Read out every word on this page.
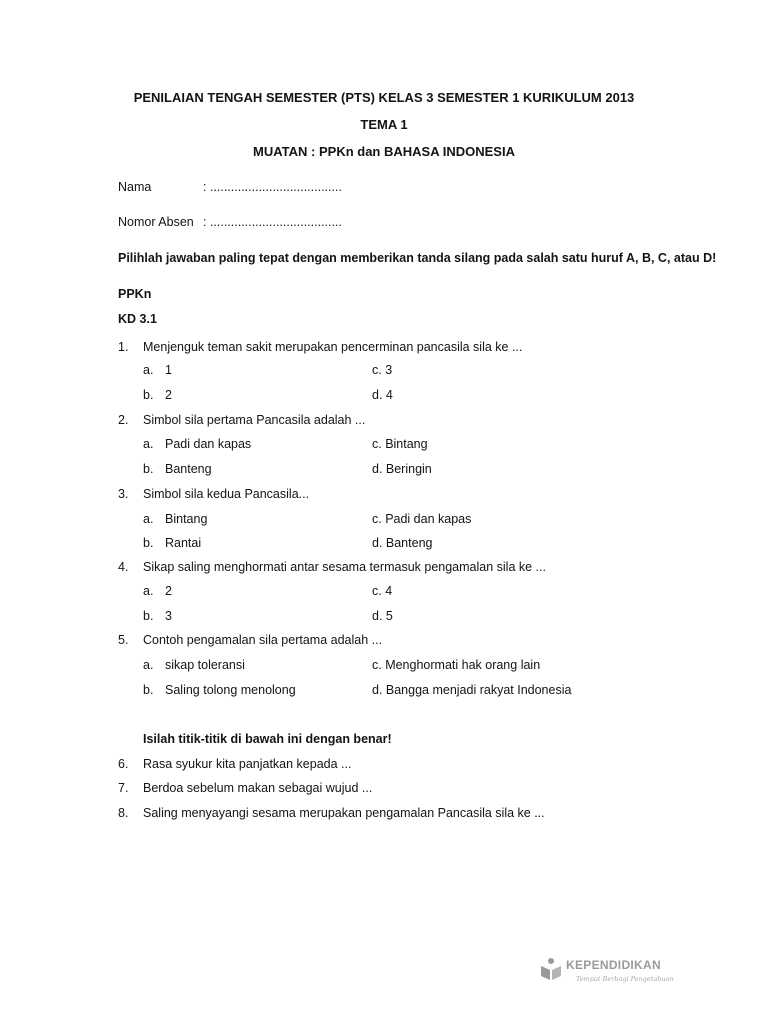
PENILAIAN TENGAH SEMESTER (PTS) KELAS 3 SEMESTER 1 KURIKULUM 2013
TEMA 1
MUATAN : PPKn dan BAHASA INDONESIA
Nama	: ......................................
Nomor Absen : ......................................
Pilihlah jawaban paling tepat dengan memberikan tanda silang pada salah satu huruf A, B, C, atau D!
PPKn
KD 3.1
1. Menjenguk teman sakit merupakan pencerminan pancasila sila ke ...
a. 1	c. 3
b. 2	d. 4
2. Simbol sila pertama Pancasila adalah ...
a. Padi dan kapas	c. Bintang
b. Banteng	d. Beringin
3. Simbol sila kedua Pancasila...
a. Bintang	c. Padi dan kapas
b. Rantai	d. Banteng
4. Sikap saling menghormati antar sesama termasuk pengamalan sila ke ...
a. 2	c. 4
b. 3	d. 5
5. Contoh pengamalan sila pertama adalah ...
a. sikap toleransi	c. Menghormati hak orang lain
b. Saling tolong menolong	d. Bangga menjadi rakyat Indonesia
Isilah titik-titik di bawah ini dengan benar!
6. Rasa syukur kita panjatkan kepada ...
7. Berdoa sebelum makan sebagai wujud ...
8. Saling menyayangi sesama merupakan pengamalan Pancasila sila ke ...
KEPENDIDIKAN
Tempat Berbagi Pengetahuan
